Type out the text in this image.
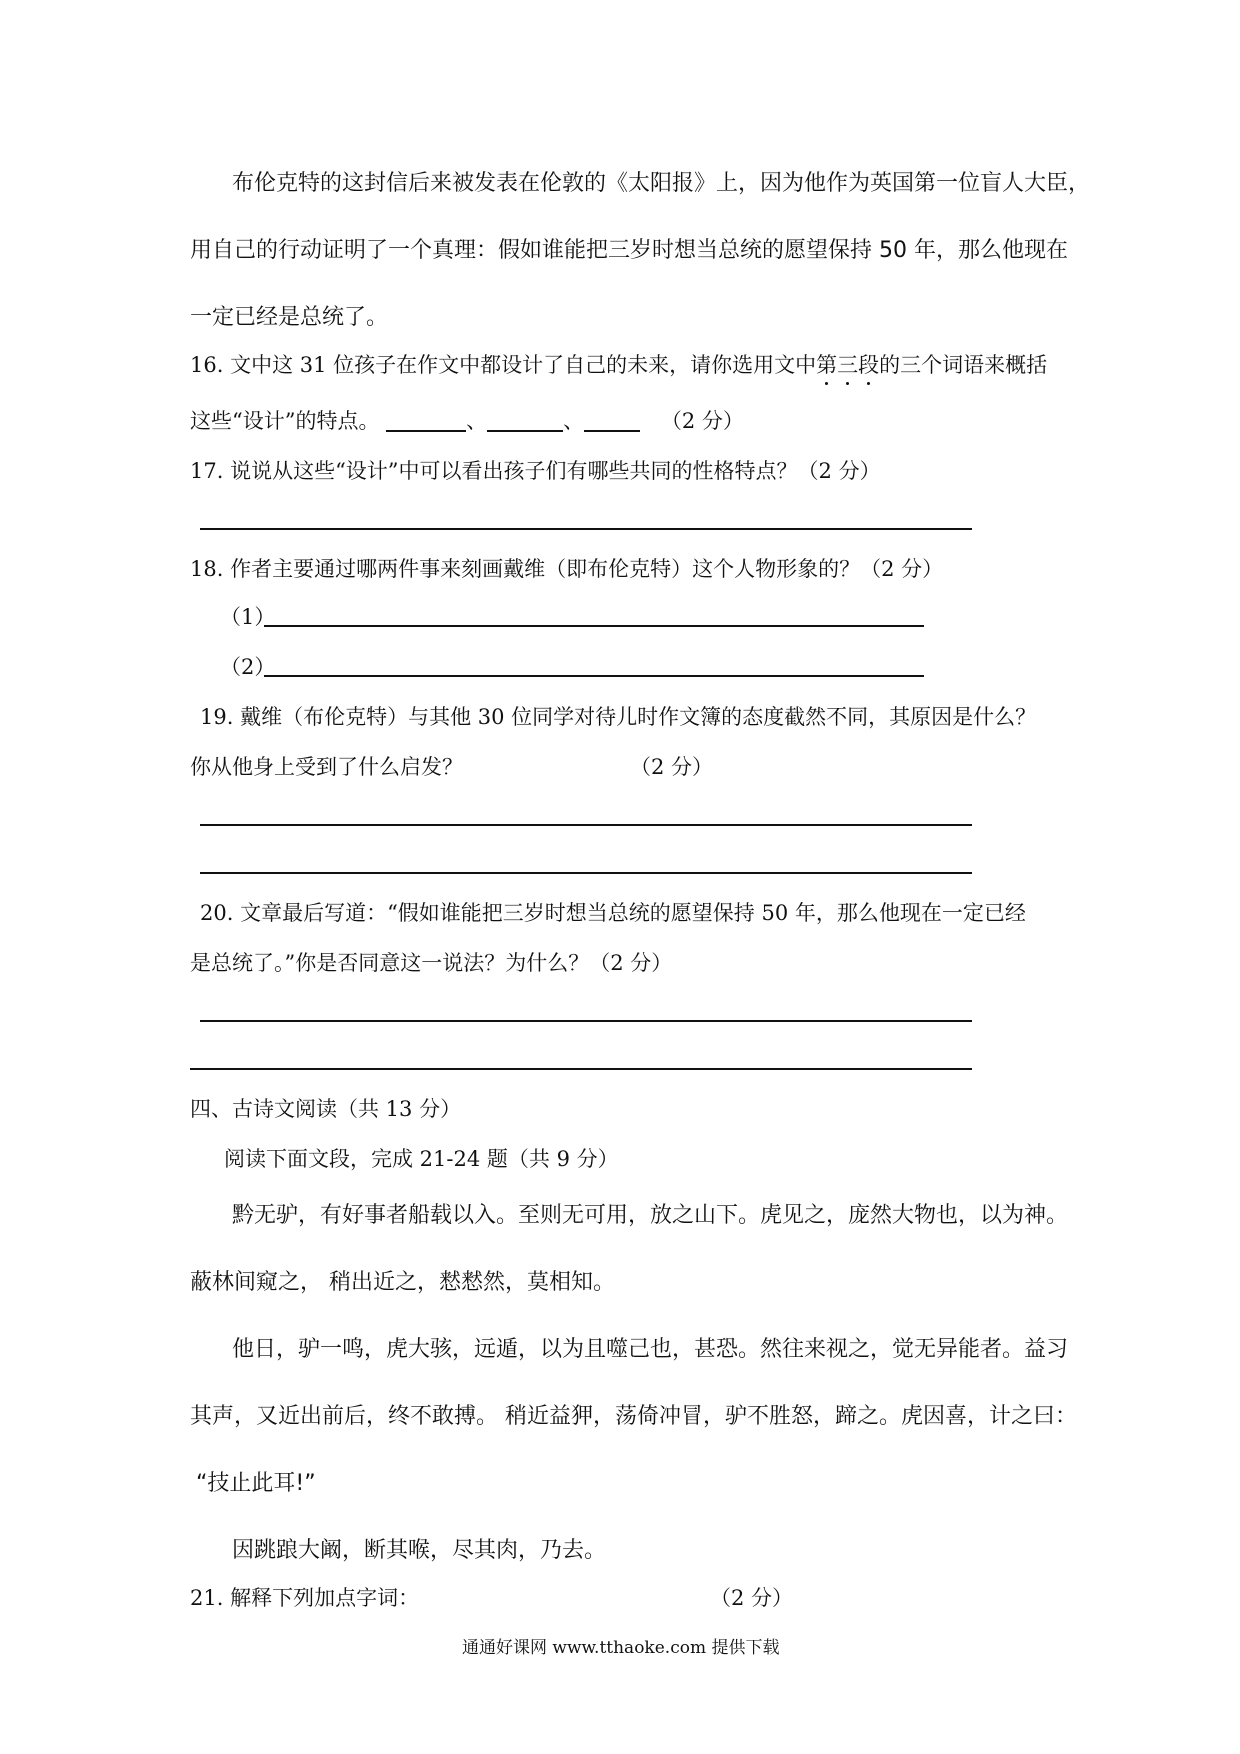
布伦克特的这封信后来被发表在伦敦的《太阳报》上，因为他作为英国第一位盲人大臣，
用自己的行动证明了一个真理：假如谁能把三岁时想当总统的愿望保持 50 年，那么他现在
一定已经是总统了。
16. 文中这 31 位孩子在作文中都设计了自己的未来，请你选用文中第三段的三个词语来概括
这些“设计”的特点。	、	、	（2 分）
17. 说说从这些“设计”中可以看出孩子们有哪些共同的性格特点？（2 分）
18. 作者主要通过哪两件事来刻画戴维（即布伦克特）这个人物形象的？（2 分）
（1）
（2）
19. 戴维（布伦克特）与其他 30 位同学对待儿时作文簿的态度截然不同，其原因是什么？
你从他身上受到了什么启发？	（2 分）
20. 文章最后写道：“假如谁能把三岁时想当总统的愿望保持 50 年，那么他现在一定已经
是总统了。”你是否同意这一说法？为什么？（2 分）
四、古诗文阅读（共 13 分）
阅读下面文段，完成 21-24 题（共 9 分）
黔无驴，有好事者船载以入。至则无可用，放之山下。虎见之，庞然大物也，以为神。
蔽林间窥之， 稍出近之，慭慭然，莫相知。
他日，驴一鸣，虎大骇，远遁，以为且噬己也，甚恐。然往来视之，觉无异能者。益习
其声，又近出前后，终不敢搏。 稍近益狎，荡倚冲冒，驴不胜怒，蹄之。虎因喜，计之曰：
“技止此耳!”
因跳踉大阚，断其喉，尽其肉，乃去。
21. 解释下列加点字词：	（2 分）
通通好课网 www.tthaoke.com 提供下载
